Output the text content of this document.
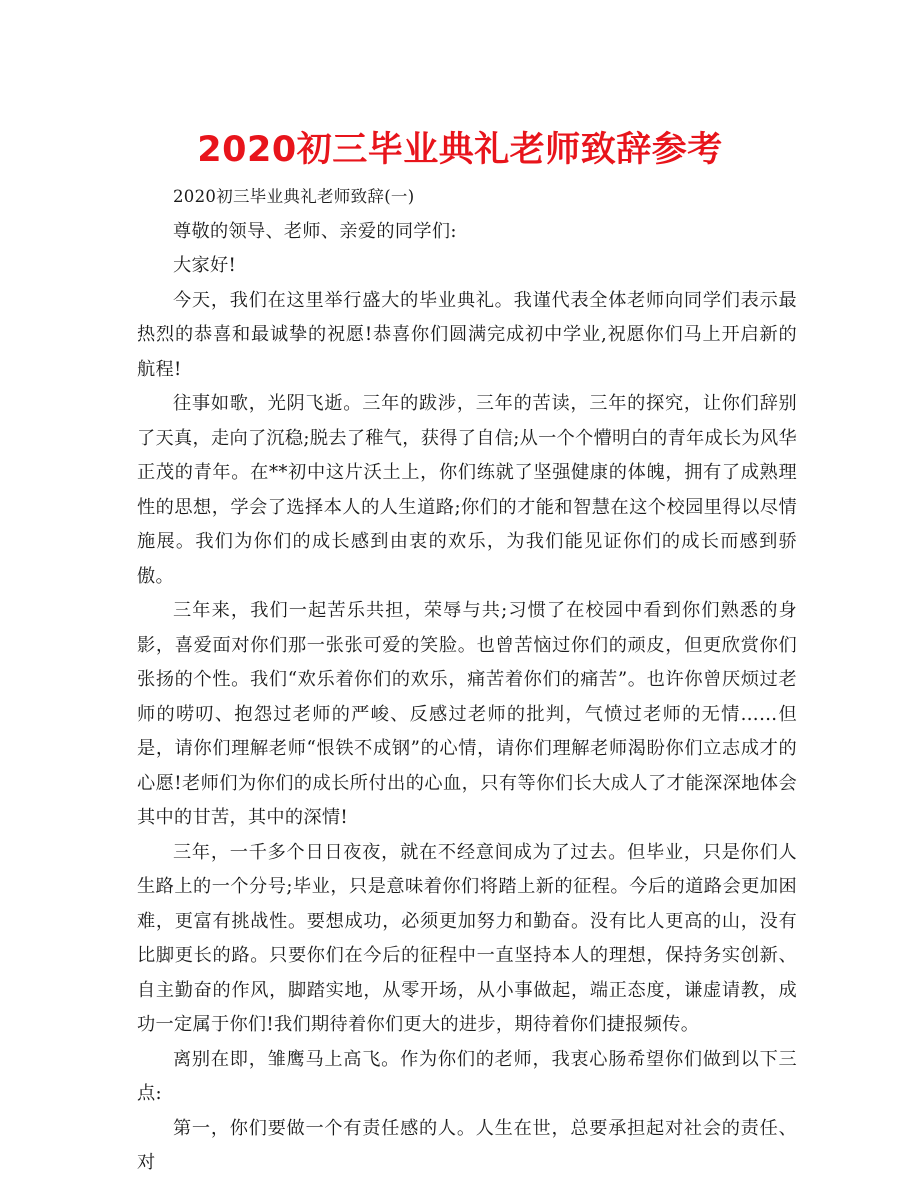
2020初三毕业典礼老师致辞参考

2020初三毕业典礼老师致辞(一)

尊敬的领导、老师、亲爱的同学们:

大家好!

今天，我们在这里举行盛大的毕业典礼。我谨代表全体老师向同学们表示最热烈的恭喜和最诚挚的祝愿!恭喜你们圆满完成初中学业,祝愿你们马上开启新的航程!

往事如歌，光阴飞逝。三年的跋涉，三年的苦读，三年的探究，让你们辞别了天真，走向了沉稳;脱去了稚气，获得了自信;从一个个懵明白的青年成长为风华正茂的青年。在**初中这片沃土上，你们练就了坚强健康的体魄，拥有了成熟理性的思想，学会了选择本人的人生道路;你们的才能和智慧在这个校园里得以尽情施展。我们为你们的成长感到由衷的欢乐，为我们能见证你们的成长而感到骄傲。

三年来，我们一起苦乐共担，荣辱与共;习惯了在校园中看到你们熟悉的身影，喜爱面对你们那一张张可爱的笑脸。也曾苦恼过你们的顽皮，但更欣赏你们张扬的个性。我们“欢乐着你们的欢乐，痛苦着你们的痛苦”。也许你曾厌烦过老师的唠叨、抱怨过老师的严峻、反感过老师的批判，气愤过老师的无情……但是，请你们理解老师“恨铁不成钢”的心情，请你们理解老师渴盼你们立志成才的心愿!老师们为你们的成长所付出的心血，只有等你们长大成人了才能深深地体会其中的甘苦，其中的深情!

三年，一千多个日日夜夜，就在不经意间成为了过去。但毕业，只是你们人生路上的一个分号;毕业，只是意味着你们将踏上新的征程。今后的道路会更加困难，更富有挑战性。要想成功，必须更加努力和勤奋。没有比人更高的山，没有比脚更长的路。只要你们在今后的征程中一直坚持本人的理想，保持务实创新、自主勤奋的作风，脚踏实地，从零开场，从小事做起，端正态度，谦虚请教，成功一定属于你们!我们期待着你们更大的进步，期待着你们捷报频传。

离别在即，雏鹰马上高飞。作为你们的老师，我衷心肠希望你们做到以下三点:

第一，你们要做一个有责任感的人。人生在世，总要承担起对社会的责任、对
